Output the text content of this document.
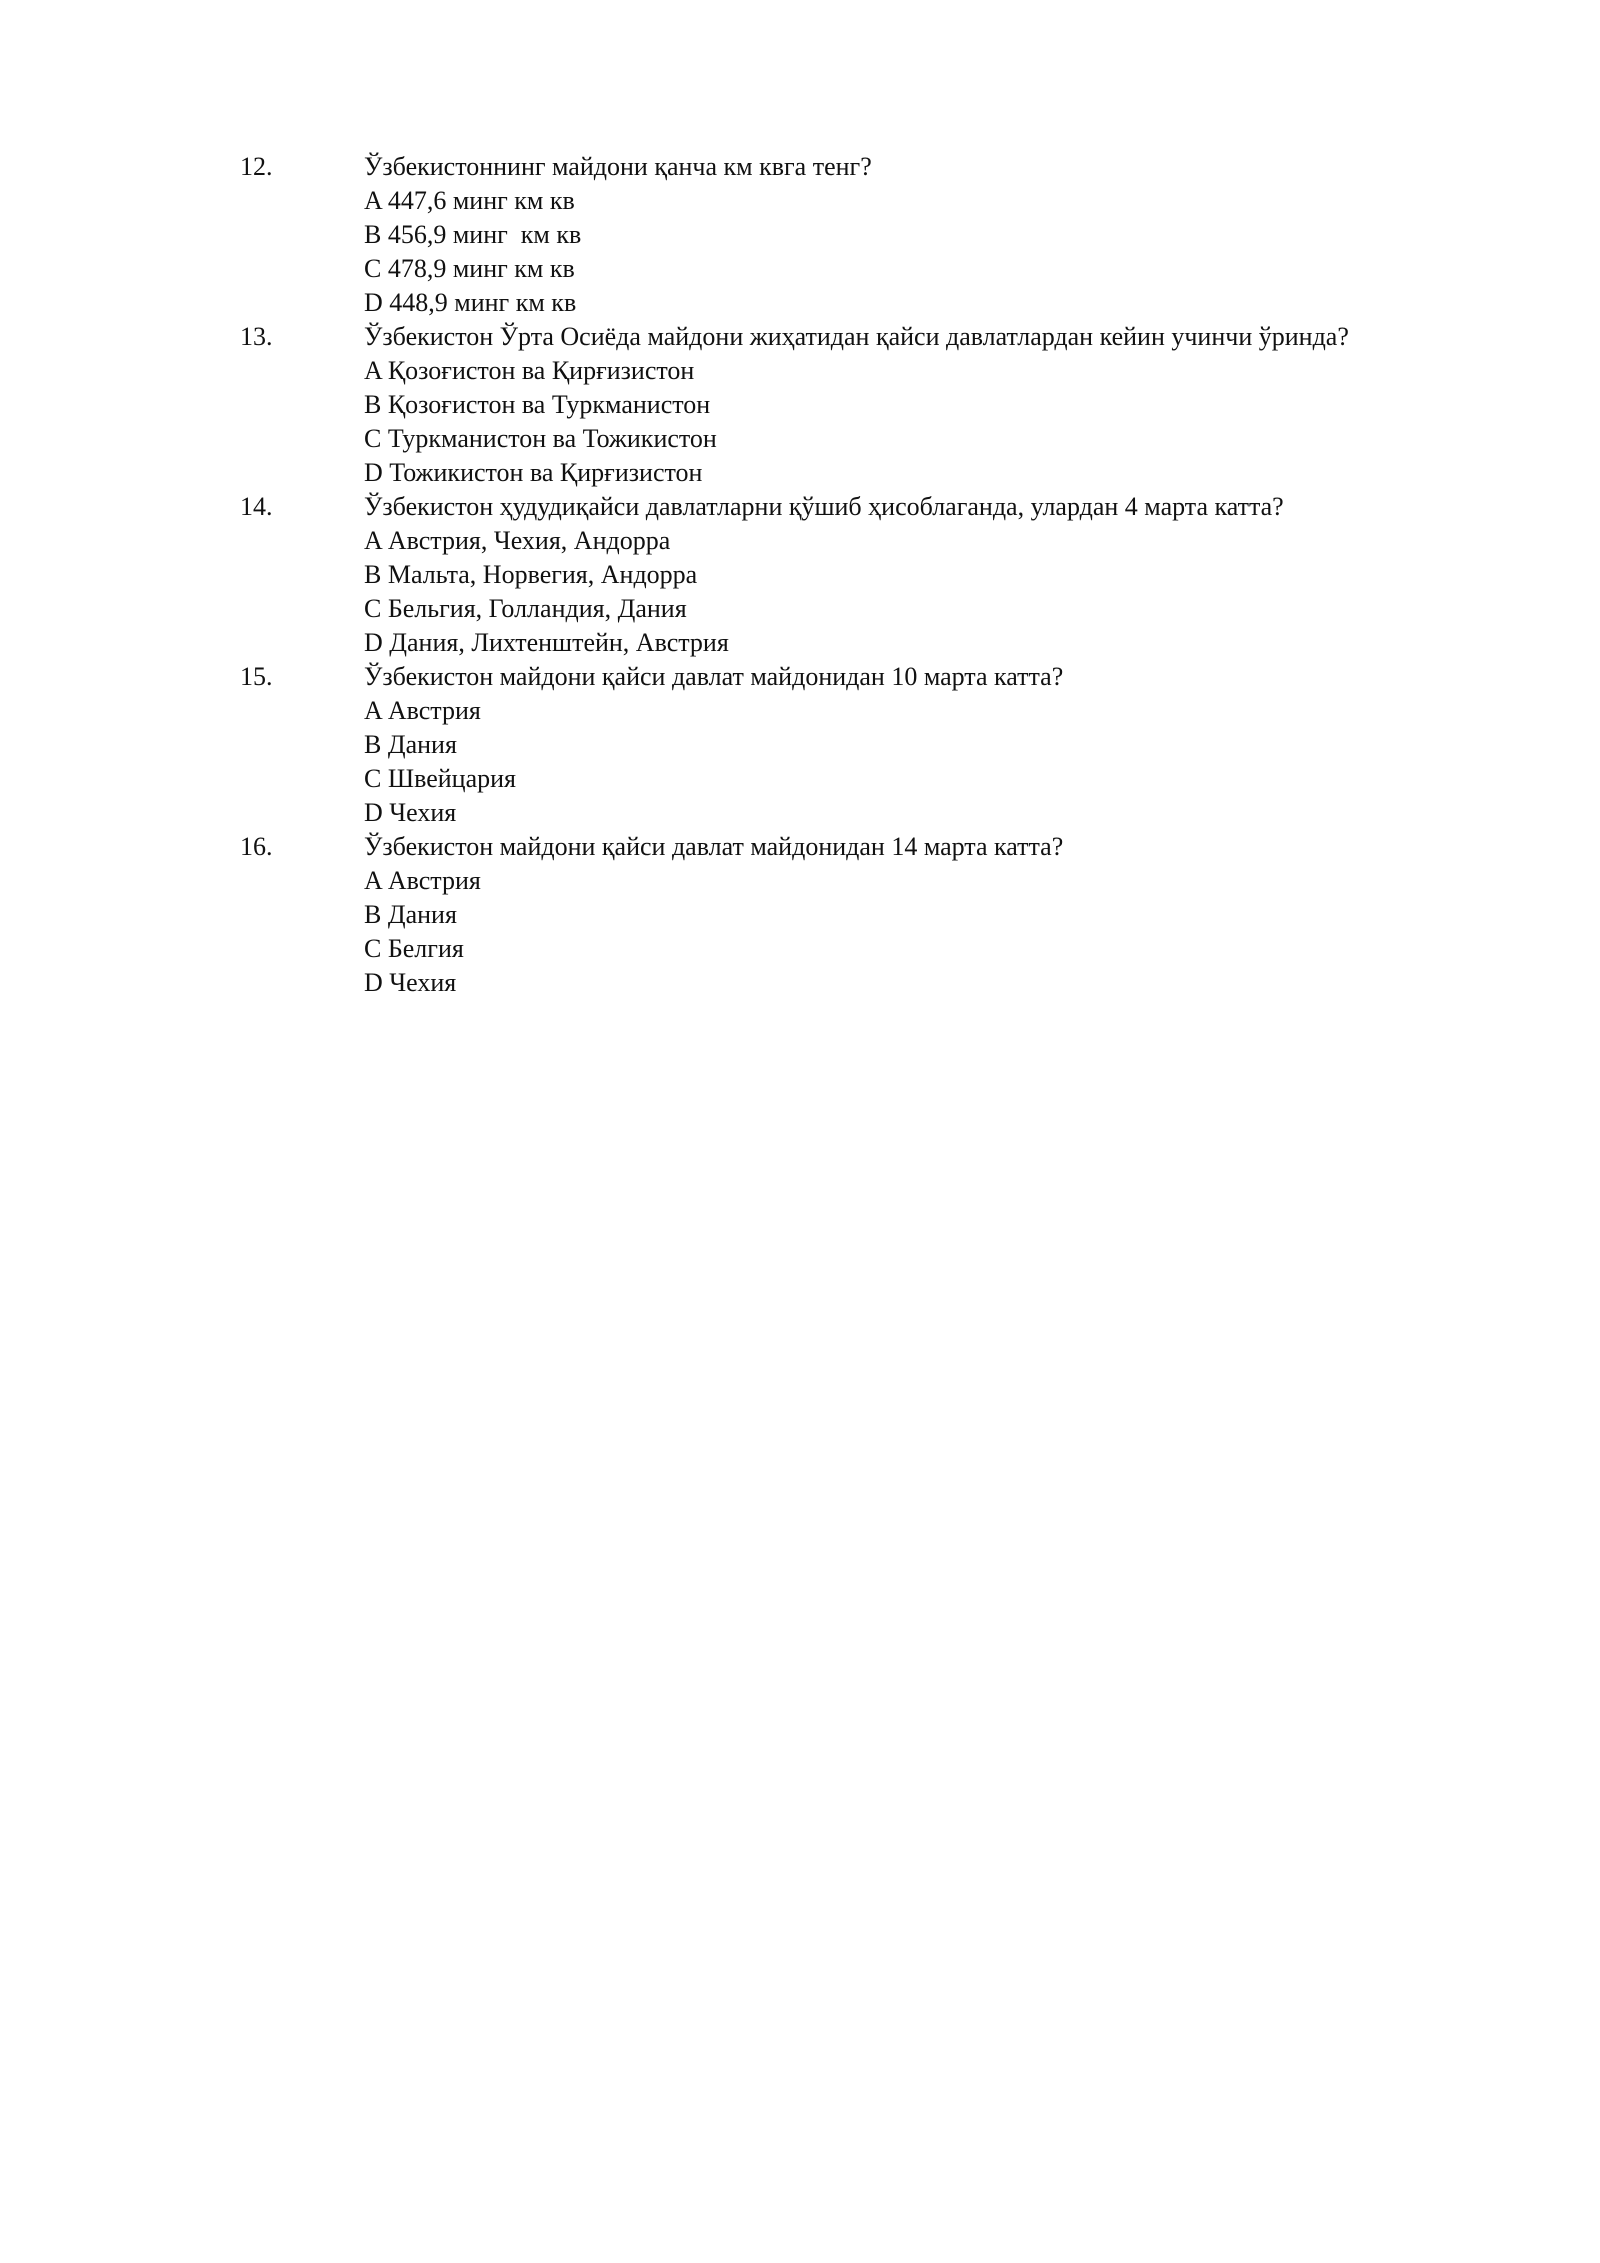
12.	Ўзбекистоннинг майдони қанча км квга тенг?
A 447,6 минг км кв
B 456,9 минг  км кв
C 478,9 минг км кв
D 448,9 минг км кв
13.	Ўзбекистон Ўрта Осиёда майдони жиҳатидан қайси давлатлардан кейин учинчи ўринда?
A Қозоғистон ва Қирғизистон
B Қозоғистон ва Туркманистон
C Туркманистон ва Тожикистон
D Тожикистон ва Қирғизистон
14.	Ўзбекистон ҳудудиқайси давлатларни қўшиб ҳисоблаганда, улардан 4 марта катта?
A Австрия, Чехия, Андорра
B Мальта, Норвегия, Андорра
C Бельгия, Голландия, Дания
D Дания, Лихтенштейн, Австрия
15.	Ўзбекистон майдони қайси давлат майдонидан 10 марта катта?
A Австрия
B Дания
C Швейцария
D Чехия
16.	Ўзбекистон майдони қайси давлат майдонидан 14 марта катта?
A Австрия
B Дания
C Белгия
D Чехия
